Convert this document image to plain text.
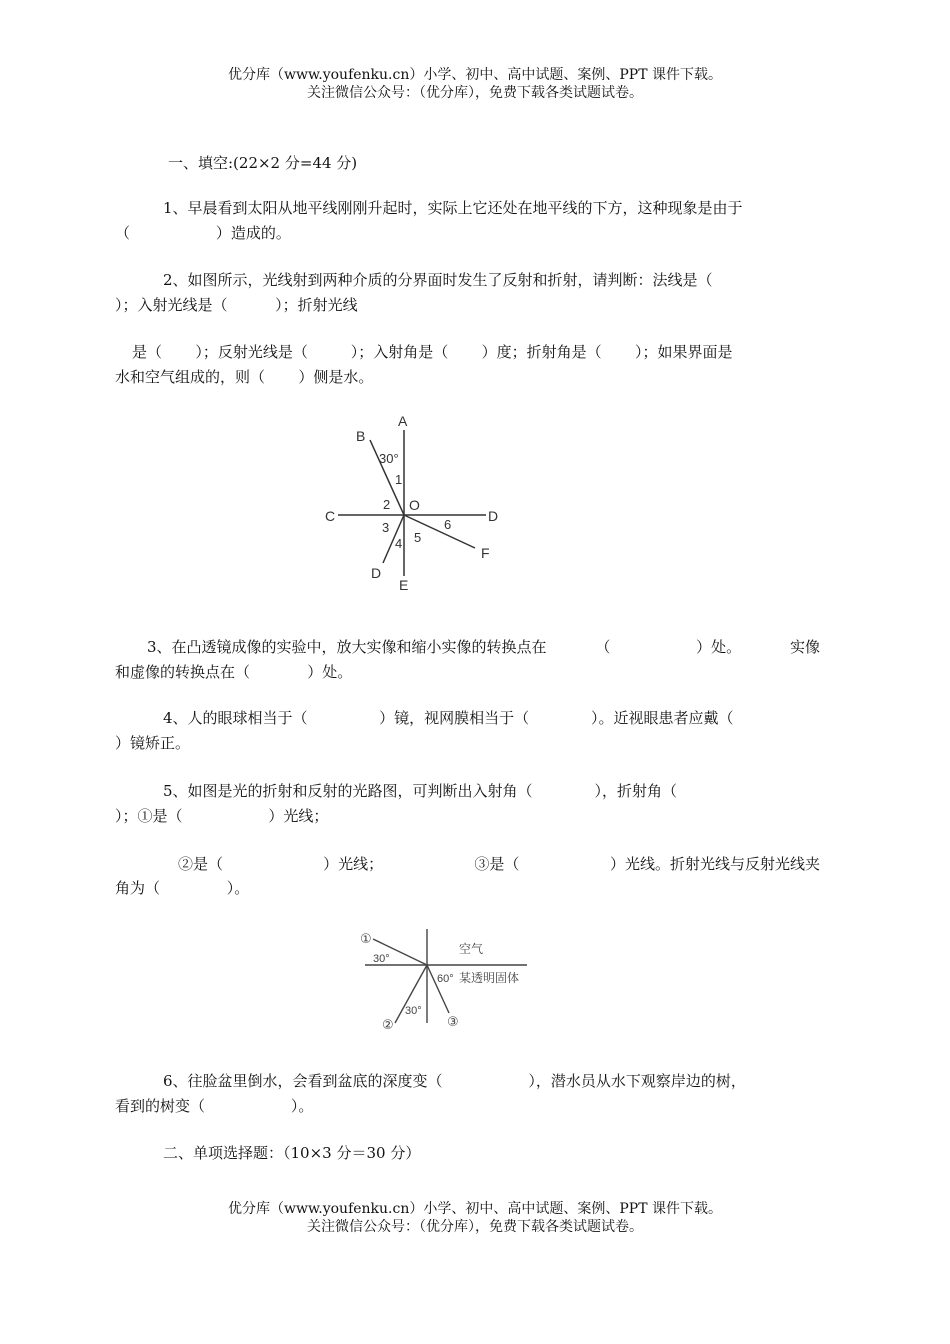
优分库（www.youfenku.cn）小学、初中、高中试题、案例、PPT 课件下载。
关注微信公众号：（优分库），免费下载各类试题试卷。
一、填空:(22×2 分=44 分)
1、早晨看到太阳从地平线刚刚升起时，实际上它还处在地平线的下方，这种现象是由于
（                  ）造成的。
2、如图所示，光线射到两种介质的分界面时发生了反射和折射，请判断：法线是（
）；入射光线是（          ）；折射光线
是（       ）；反射光线是（         ）；入射角是（       ）度；折射角是（       ）；如果界面是
水和空气组成的，则（       ）侧是水。
A
B
C	D
O
F
D
E
30°
1
2
3
4 5
6
3、在凸透镜成像的实验中，放大实像和缩小实像的转换点在	（                  ）处。	实像
和虚像的转换点在（            ）处。
4、人的眼球相当于（               ）镜，视网膜相当于（             ）。近视眼患者应戴（
）镜矫正。
5、如图是光的折射和反射的光路图，可判断出入射角（             ），折射角（
）；①是（                  ）光线；
②是（                     ）光线；	③是（                   ）光线。折射光线与反射光线夹
角为（              ）。
①
②	③
空气
某透明固体
30°
60°
30°
6、往脸盆里倒水，会看到盆底的深度变（                  ），潜水员从水下观察岸边的树，
看到的树变（                  ）。
二、单项选择题：（10×3 分＝30 分）
优分库（www.youfenku.cn）小学、初中、高中试题、案例、PPT 课件下载。
关注微信公众号：（优分库），免费下载各类试题试卷。
